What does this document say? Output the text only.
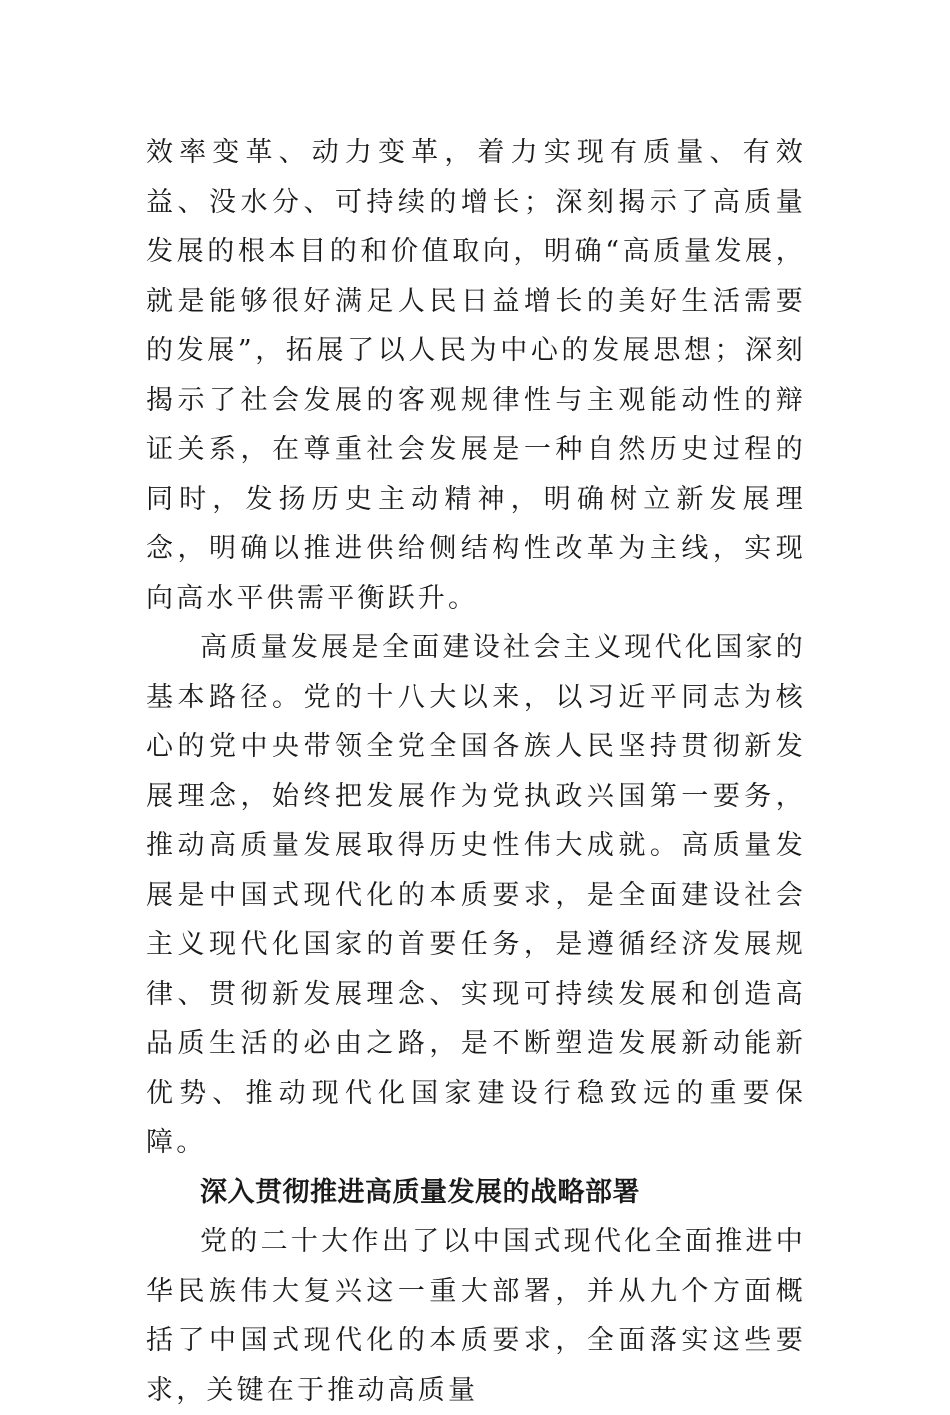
效率变革、动力变革，着力实现有质量、有效益、没水分、可持续的增长；深刻揭示了高质量发展的根本目的和价值取向，明确“高质量发展，就是能够很好满足人民日益增长的美好生活需要的发展”，拓展了以人民为中心的发展思想；深刻揭示了社会发展的客观规律性与主观能动性的辩证关系，在尊重社会发展是一种自然历史过程的同时，发扬历史主动精神，明确树立新发展理念，明确以推进供给侧结构性改革为主线，实现向高水平供需平衡跃升。

高质量发展是全面建设社会主义现代化国家的基本路径。党的十八大以来，以习近平同志为核心的党中央带领全党全国各族人民坚持贯彻新发展理念，始终把发展作为党执政兴国第一要务，推动高质量发展取得历史性伟大成就。高质量发展是中国式现代化的本质要求，是全面建设社会主义现代化国家的首要任务，是遵循经济发展规律、贯彻新发展理念、实现可持续发展和创造高品质生活的必由之路，是不断塑造发展新动能新优势、推动现代化国家建设行稳致远的重要保障。

深入贯彻推进高质量发展的战略部署

党的二十大作出了以中国式现代化全面推进中华民族伟大复兴这一重大部署，并从九个方面概括了中国式现代化的本质要求，全面落实这些要求，关键在于推动高质量
